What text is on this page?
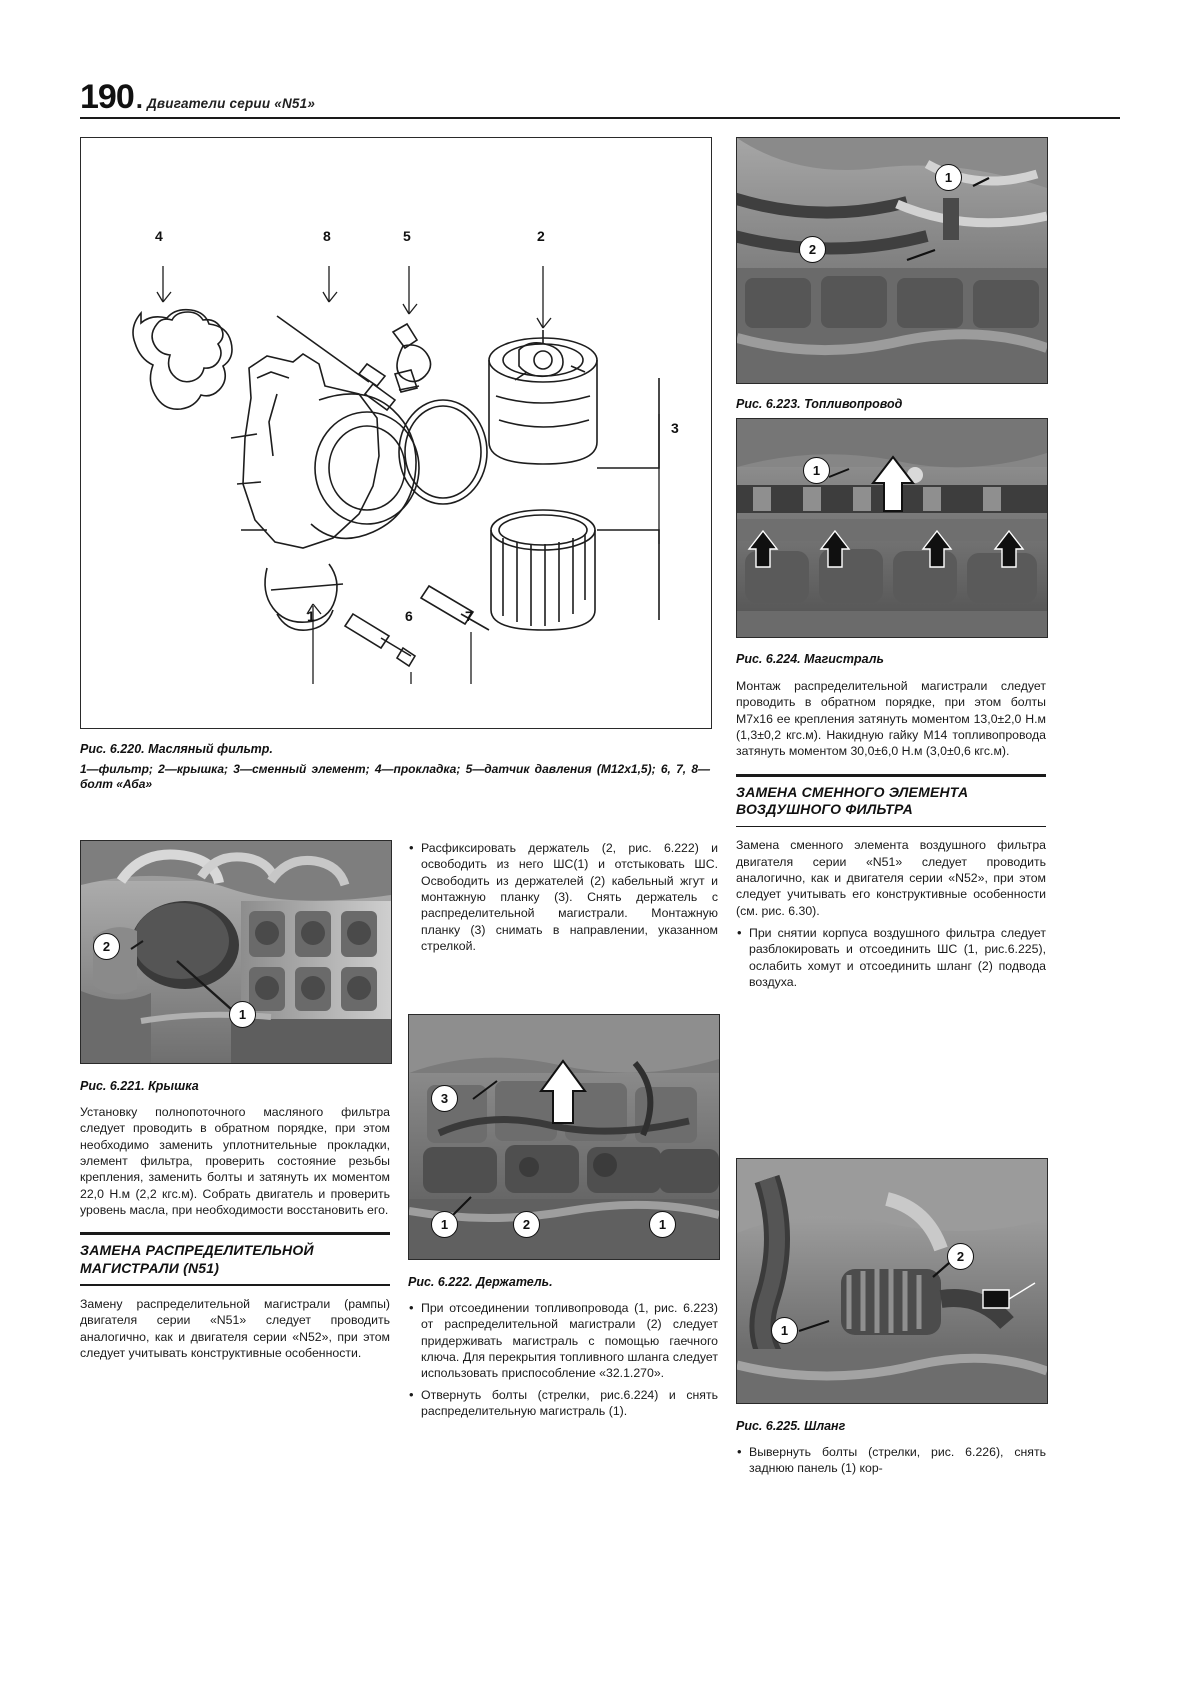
190 . Двигатели серии «N51»
4	8	5	2
3
1	6	7
Рис. 6.220. Масляный фильтр.
1—фильтр; 2—крышка; 3—сменный элемент; 4—прокладка; 5—датчик давления (М12х1,5); 6, 7, 8—болт «Аба»
2
1
Рис. 6.221. Крышка

Установку полнопоточного масляного фильтра следует проводить в обратном порядке, при этом необходимо заменить уплотнительные прокладки, элемент фильтра, проверить состояние резьбы крепления, заменить болты и затянуть их моментом 22,0 Н.м (2,2 кгс.м). Собрать двигатель и проверить уровень масла, при необходимости восстановить его.

ЗАМЕНА РАСПРЕДЕЛИТЕЛЬНОЙ
МАГИСТРАЛИ (N51)

Замену распределительной магистрали (рампы) двигателя серии «N51» следует проводить аналогично, как и двигателя серии «N52», при этом следует учитывать конструктивные особенности.

• Расфиксировать держатель (2, рис. 6.222) и освободить из него ШС(1) и отстыковать ШС. Освободить из держателей (2) кабельный жгут и монтажную планку (3). Снять держатель с распределительной магистрали. Монтажную планку (3) снимать в направлении, указанном стрелкой.
3
1	2	1
Рис. 6.222. Держатель.
• При отсоединении топливопровода (1, рис. 6.223) от распределительной магистрали (2) следует придерживать магистраль с помощью гаечного ключа. Для перекрытия топливного шланга следует использовать приспособление «32.1.270».
• Отвернуть болты (стрелки, рис.6.224) и снять распределительную магистраль (1).
1
2
Рис. 6.223. Топливопровод
1
Рис. 6.224. Магистраль

Монтаж распределительной магистрали следует проводить в обратном порядке, при этом болты М7х16 ее крепления затянуть моментом 13,0±2,0 Н.м (1,3±0,2 кгс.м). Накидную гайку М14 топливопровода затянуть моментом 30,0±6,0 Н.м (3,0±0,6 кгс.м).

ЗАМЕНА СМЕННОГО ЭЛЕМЕНТА
ВОЗДУШНОГО ФИЛЬТРА

Замена сменного элемента воздушного фильтра двигателя серии «N51» следует проводить аналогично, как и двигателя серии «N52», при этом следует учитывать его конструктивные особенности (см. рис. 6.30).

• При снятии корпуса воздушного фильтра следует разблокировать и отсоединить ШС (1, рис.6.225), ослабить хомут и отсоединить шланг (2) подвода воздуха.
2
1
Рис. 6.225. Шланг
• Вывернуть болты (стрелки, рис. 6.226), снять заднюю панель (1) кор-
